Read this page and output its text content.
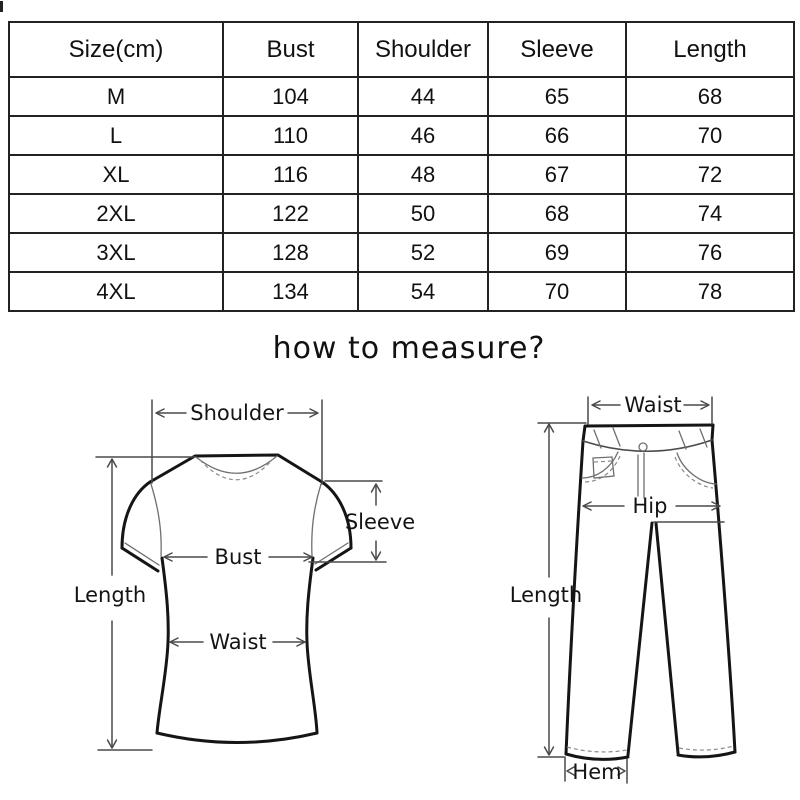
Size(cm)	Bust	Shoulder	Sleeve	Length
M	104	44	65	68
L	110	46	66	70
XL	116	48	67	72
2XL	122	50	68	74
3XL	128	52	69	76
4XL	134	54	70	78
how to measure?
Shoulder
Sleeve
Bust
Waist
Length
Waist
Hip
Length
Hem
